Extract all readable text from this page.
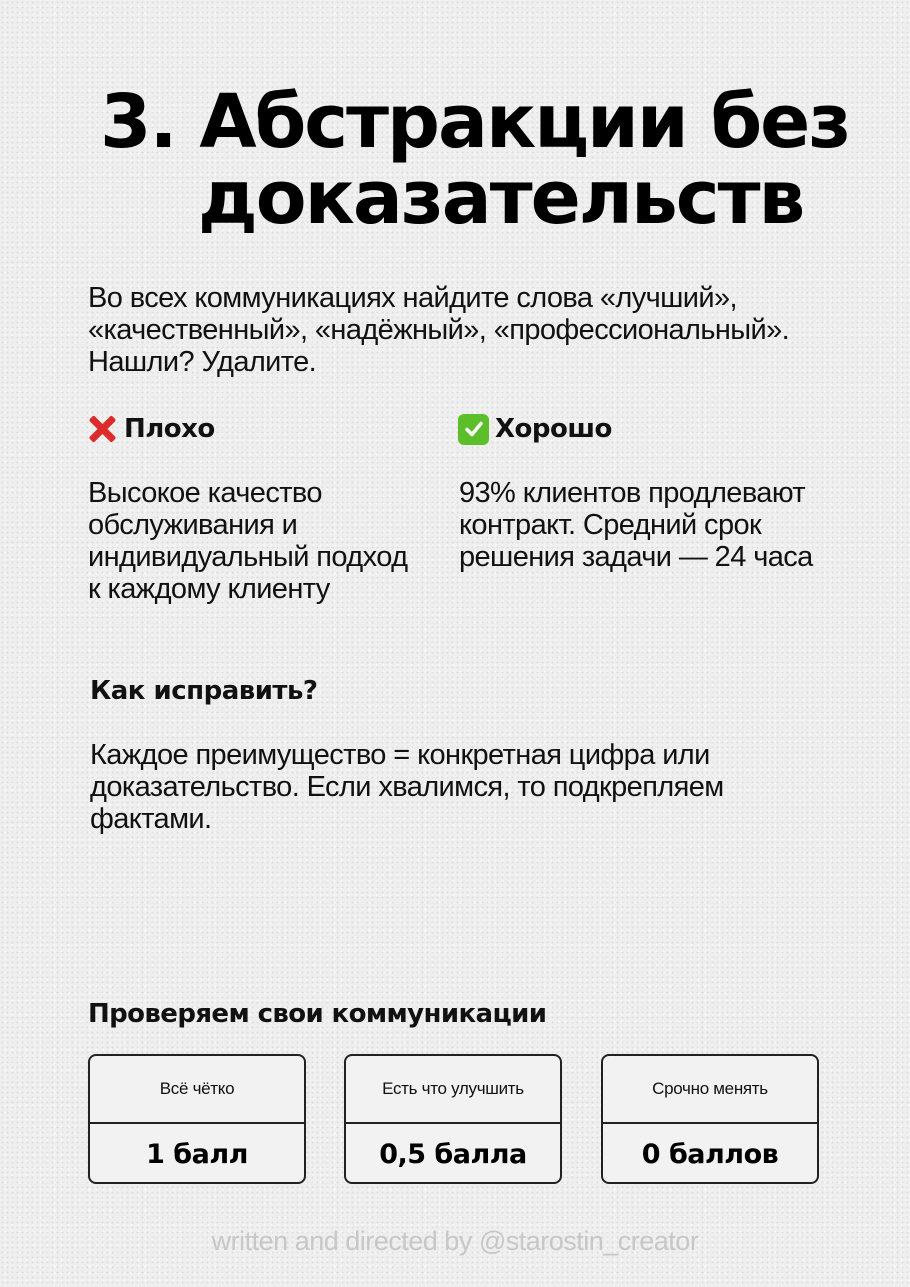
3. Абстракции без
доказательств
Во всех коммуникациях найдите слова «лучший», «качественный», «надёжный», «профессиональный». Нашли? Удалите.
Плохо
Высокое качество обслуживания и индивидуальный подход к каждому клиенту
Хорошо
93% клиентов продлевают контракт. Средний срок решения задачи — 24 часа
Как исправить?
Каждое преимущество = конкретная цифра или доказательство. Если хвалимся, то подкрепляем фактами.
Проверяем свои коммуникации
Всё чётко
1 балл
Есть что улучшить
0,5 балла
Срочно менять
0 баллов
written and directed by @starostin_creator
